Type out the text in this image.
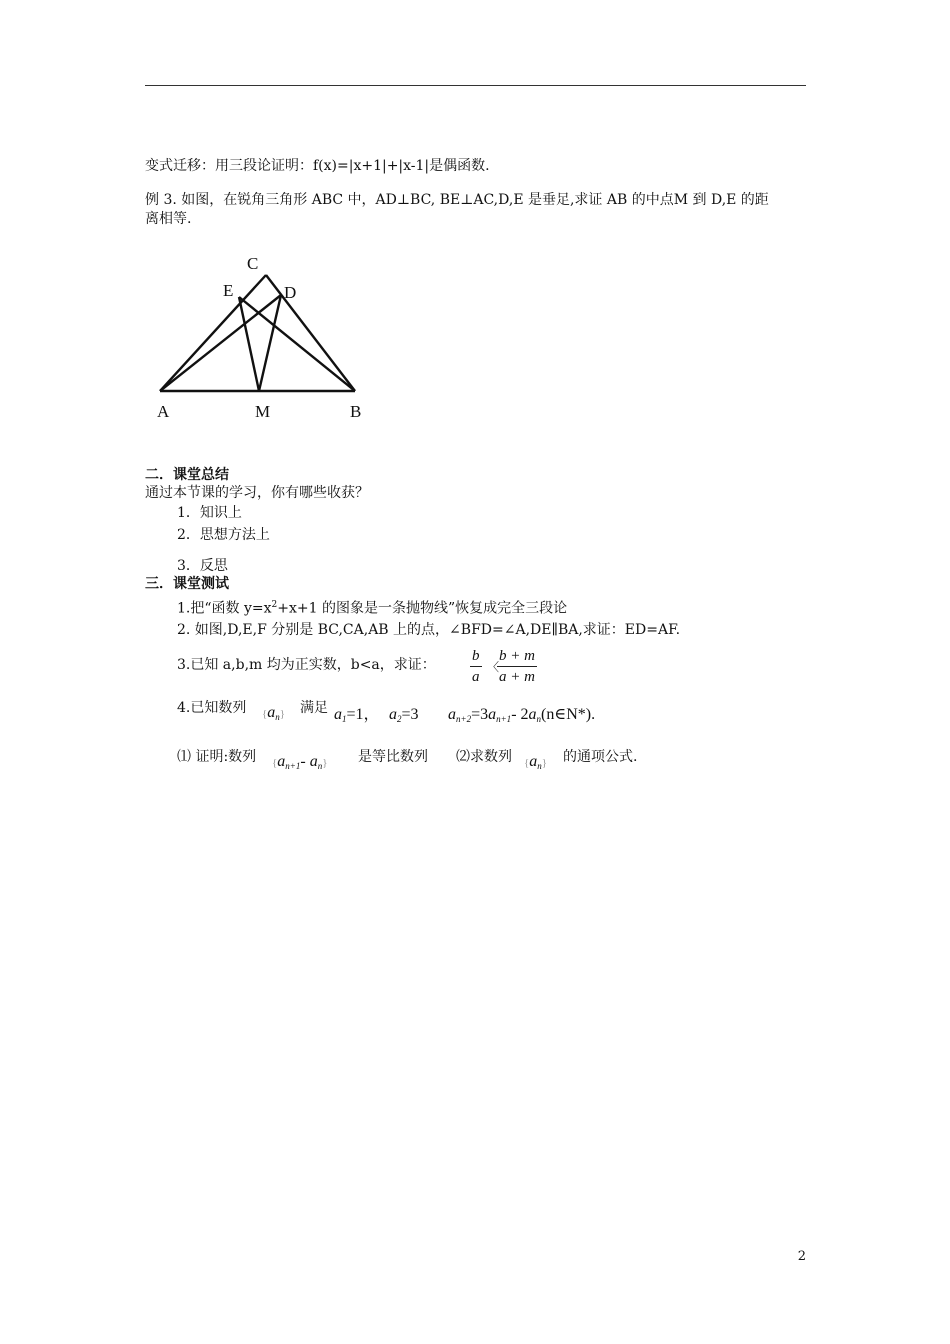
变式迁移：用三段论证明：f(x)=|x+1|+|x-1|是偶函数.
例 3. 如图，在锐角三角形 ABC 中，AD⊥BC, BE⊥AC,D,E 是垂足,求证 AB 的中点M 到 D,E 的距
离相等.
C
E	D
A	M	B
二．课堂总结
通过本节课的学习，你有哪些收获？
1．知识上
2．思想方法上
3．反思
三．课堂测试
1.把“函数 $y=x^2+x+1$ 的图象是一条抛物线”恢复成完全三段论
2. 如图,D,E,F 分别是 BC,CA,AB 上的点，∠BFD=∠A,DE∥BA,求证：ED=AF.
3.已知 a,b,m 均为正实数，b<a，求证： $\frac{b}{a}$ 〈
$\frac{b + m}{a + m}$
4.已知数列 $\{a_n\}$ 满足 $a_1=1$， $a_2=3$ $a_{n+2}=3a_{n+1}-$ $2a_n(n\in N*)$.
⑴ 证明:数列 {$a_{n+1}-$ $a_n$} 是等比数列 ⑵求数列 $\{a_n\}$ 的通项公式.
2
